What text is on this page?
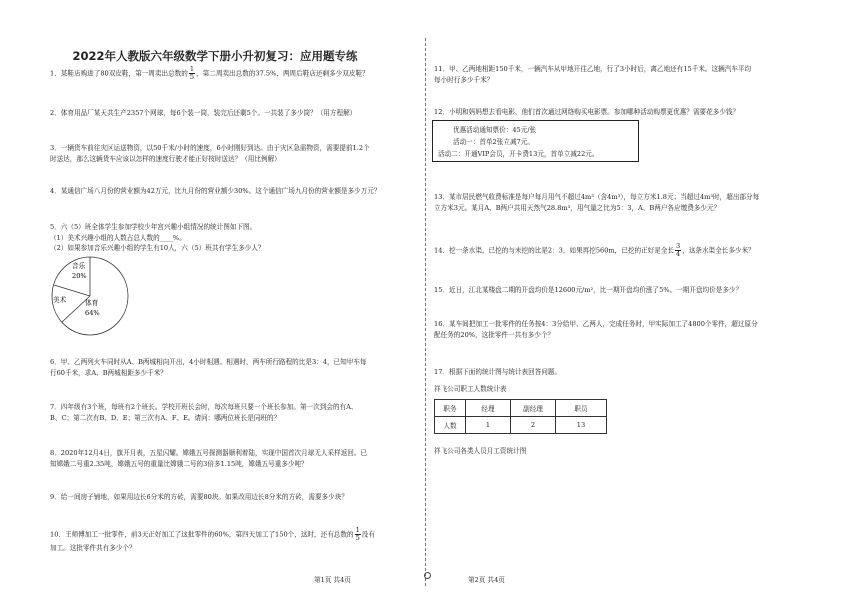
2022年人教版六年级数学下册小升初复习：应用题专练
1．某鞋店购进了80双皮鞋，第一周卖出总数的 $\frac{1}{5}$ ，第二周卖出总数的37.5%，两周后鞋店还剩多少双皮鞋？
2．体育用品厂某天共生产2357个网球，每6个装一筒，装完后还剩5个。一共装了多少筒？（用方程解）
3．一辆货车前往灾区运送物资，以50千米/小时的速度，6小时刚好到达。由于灾区急需物资，需要提前1.2个
时送达，那么这辆货车应该以怎样的速度行驶才能正好按时送达？（用比例解）
4．某通信广场八月份的营业额为42万元，比九月份的营业额少30%。这个通信广场九月份的营业额是多少万元？
5．六（5）班全体学生参加学校少年宫兴趣小组情况的统计图如下图。
（1）美术兴趣小组的人数占总人数的____%。
（2）如果参加音乐兴趣小组的学生有10人，六（5）班共有学生多少人？
音乐
20%
美术	体育
64%
6．甲、乙两列火车同时从A、B两城相向开出，4小时相遇。相遇时，两车所行路程的比是3：4，已知甲车每
行60千米，求A、B两城相距多少千米？
7．四年级有3个班，每班有2个班长。学校开班长会时，每次每班只要一个班长参加。第一次到会的有A、
B、C；第二次有B、D、E；第三次有A、F、E。请问：哪两位班长是同班的？
8．2020年12月4日，旗开月表，五星闪耀。嫦娥五号探测器顺利着陆，实现中国首次月球无人采样返回。已
知嫦娥二号重2.35吨，嫦娥五号的重量比嫦娥二号的3倍多1.15吨，嫦娥五号重多少吨？
9．给一间房子铺地，如果用边长6分米的方砖，需要80块。如果改用边长8分米的方砖，需要多少块？
10．王师傅加工一批零件，前3天正好加工了这批零件的60%，第四天加工了150个，这时，还有总数的 $\frac{1}{5}$ 没有
加工。这批零件共有多少个？
11．甲、乙两地相距150千米，一辆汽车从甲地开往乙地，行了3小时后，离乙地还有15千米。这辆汽车平均
每小时行多少千米？
12．小明和妈妈想去看电影，他们首次通过网络购买电影票。参加哪种活动购票更优惠？需要花多少钱？
优惠活动通知票价：45元/张
活动一：首单2张立减7元。
活动二：开通VIP会员，开卡费13元，首单立减22元。
13．某市居民燃气收费标准是每户每月用气不超过4m³（含4m³），每立方米1.8元；当超过4m³时，超出部分每
立方米3元。某月A、B两户共用天然气28.8m³，用气量之比为5：3，A、B两户各应缴费多少元？
14．挖一条水渠，已挖的与未挖的比是2：3，如果再挖560m，已挖的正好是全长 $\frac{3}{4}$ ，这条水渠全长多少米？
15．近日，江北某楼盘二期的开盘均价是12600元/m²，比一期开盘均价涨了5%。一期开盘均价是多少？
16．某车间把加工一批零件的任务按4：3分给甲、乙两人，完成任务时，甲实际加工了4800个零件，超过原分
配任务的20%，这批零件一共有多少个？
17．根据下面的统计图与统计表回答问题。
祥飞公司职工人数统计表
职务	经理	副经理	职员
人数	1	2	13
祥飞公司各类人员月工资统计图
第1页 共4页	第2页 共4页
